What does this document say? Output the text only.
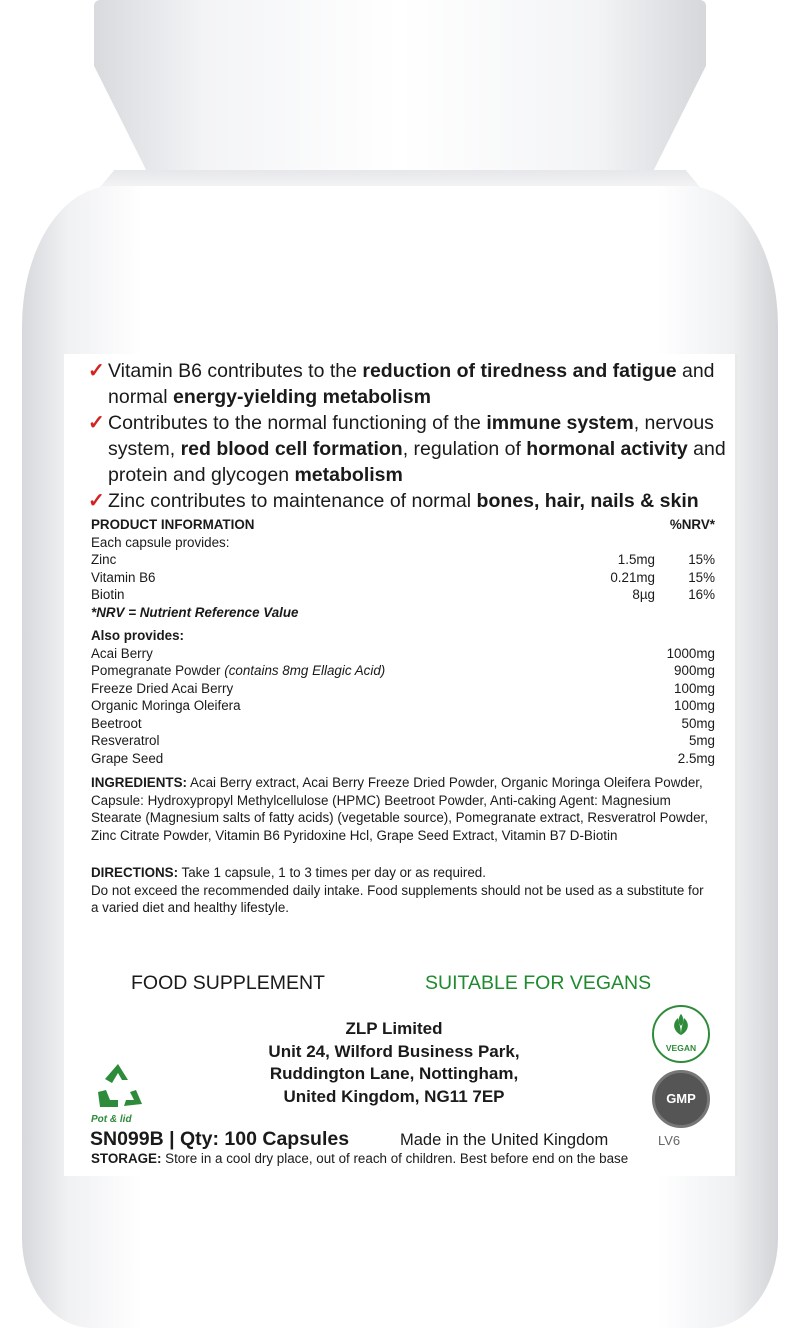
✓ Vitamin B6 contributes to the reduction of tiredness and fatigue and normal energy-yielding metabolism
✓ Contributes to the normal functioning of the immune system, nervous system, red blood cell formation, regulation of hormonal activity and protein and glycogen metabolism
✓ Zinc contributes to maintenance of normal bones, hair, nails & skin
PRODUCT INFORMATION	%NRV*
Each capsule provides:
Zinc	1.5mg	15%
Vitamin B6	0.21mg	15%
Biotin	8µg	16%
*NRV = Nutrient Reference Value
Also provides:
Acai Berry	1000mg
Pomegranate Powder (contains 8mg Ellagic Acid)	900mg
Freeze Dried Acai Berry	100mg
Organic Moringa Oleifera	100mg
Beetroot	50mg
Resveratrol	5mg
Grape Seed	2.5mg
INGREDIENTS: Acai Berry extract, Acai Berry Freeze Dried Powder, Organic Moringa Oleifera Powder, Capsule: Hydroxypropyl Methylcellulose (HPMC) Beetroot Powder, Anti-caking Agent: Magnesium Stearate (Magnesium salts of fatty acids) (vegetable source), Pomegranate extract, Resveratrol Powder, Zinc Citrate Powder, Vitamin B6 Pyridoxine Hcl, Grape Seed Extract, Vitamin B7 D-Biotin
DIRECTIONS: Take 1 capsule, 1 to 3 times per day or as required.
Do not exceed the recommended daily intake. Food supplements should not be used as a substitute for a varied diet and healthy lifestyle.
FOOD SUPPLEMENT	SUITABLE FOR VEGANS
ZLP Limited
Unit 24, Wilford Business Park,
Ruddington Lane, Nottingham,
United Kingdom, NG11 7EP
VEGAN
GMP
Pot & lid
SN099B | Qty: 100 Capsules	Made in the United Kingdom	LV6
STORAGE: Store in a cool dry place, out of reach of children. Best before end on the base
